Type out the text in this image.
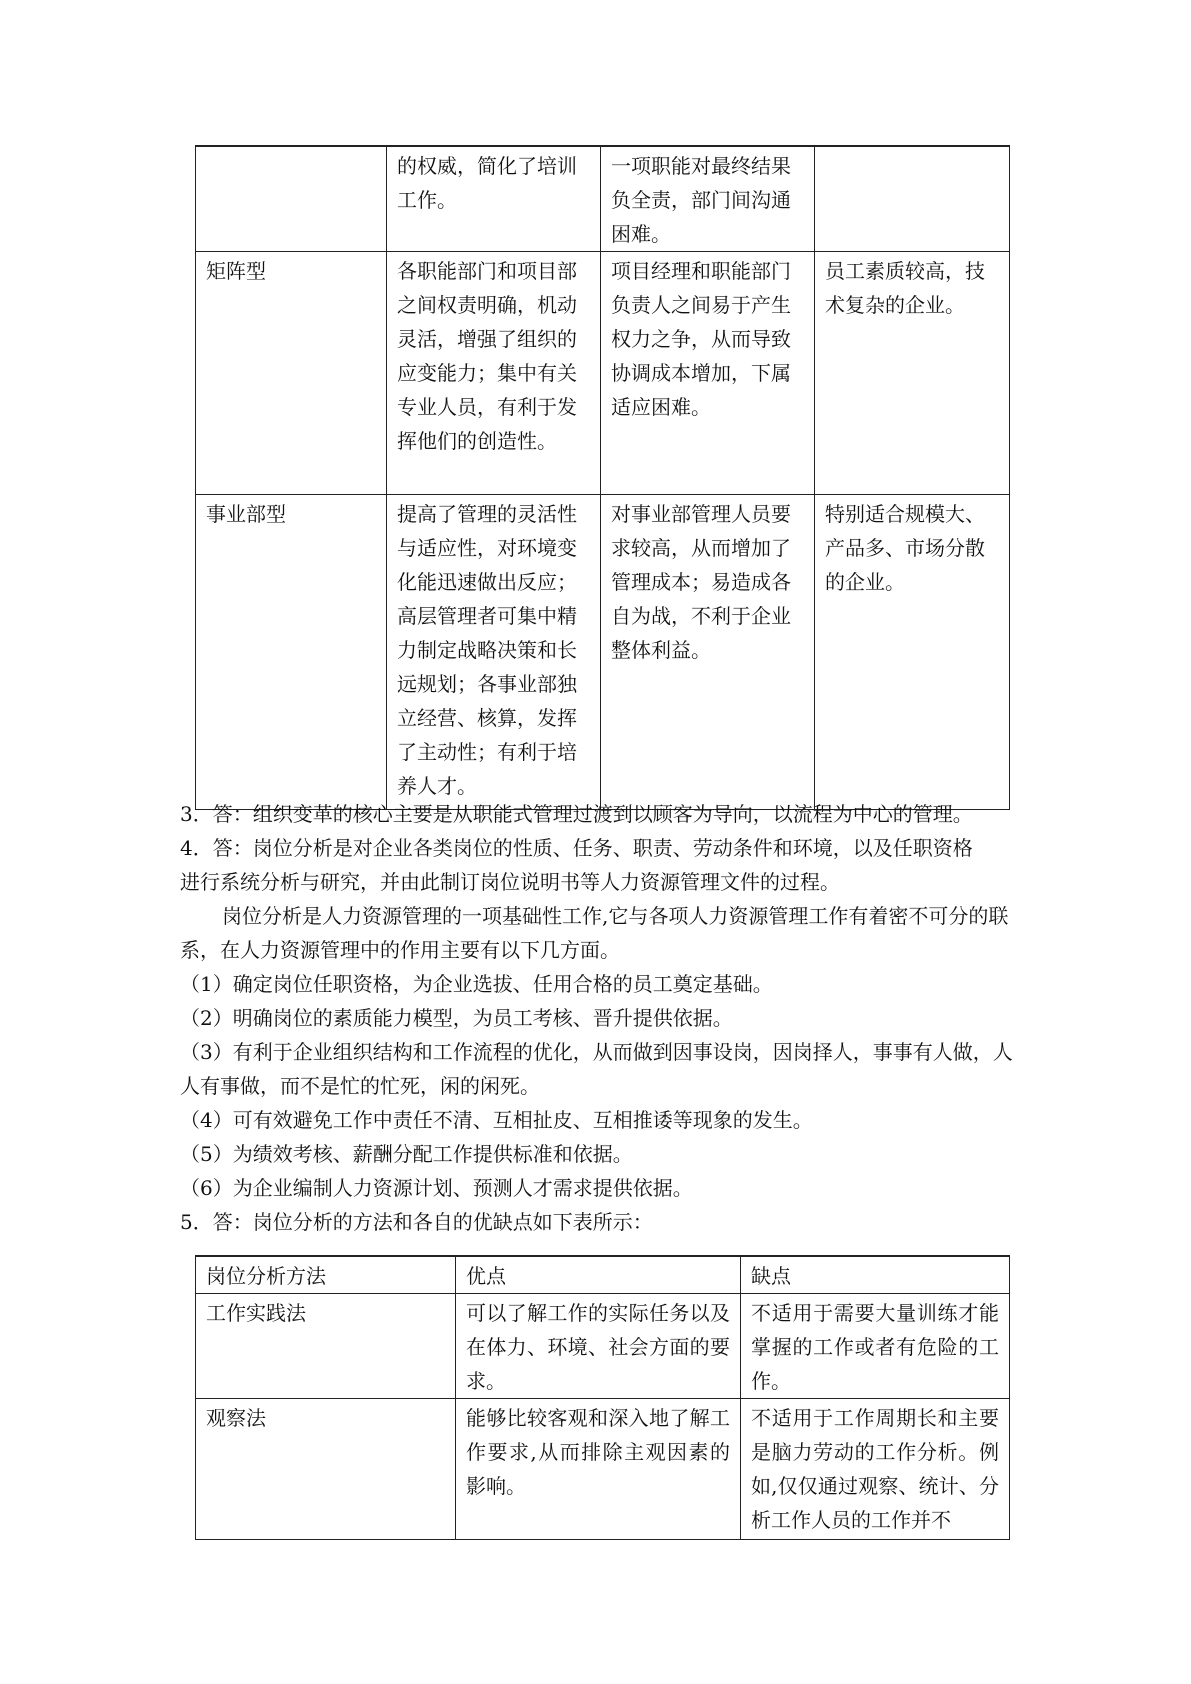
	的权威，简化了培训工作。	一项职能对最终结果负全责，部门间沟通困难。	
矩阵型	各职能部门和项目部之间权责明确，机动灵活，增强了组织的应变能力；集中有关专业人员，有利于发挥他们的创造性。	项目经理和职能部门负责人之间易于产生权力之争，从而导致协调成本增加，下属适应困难。	员工素质较高，技术复杂的企业。
事业部型	提高了管理的灵活性与适应性，对环境变化能迅速做出反应；高层管理者可集中精力制定战略决策和长远规划；各事业部独立经营、核算，发挥了主动性；有利于培养人才。	对事业部管理人员要求较高，从而增加了管理成本；易造成各自为战，不利于企业整体利益。	特别适合规模大、产品多、市场分散的企业。

3．答：组织变革的核心主要是从职能式管理过渡到以顾客为导向，以流程为中心的管理。

4．答：岗位分析是对企业各类岗位的性质、任务、职责、劳动条件和环境，以及任职资格

进行系统分析与研究，并由此制订岗位说明书等人力资源管理文件的过程。

岗位分析是人力资源管理的一项基础性工作,它与各项人力资源管理工作有着密不可分的联系，在人力资源管理中的作用主要有以下几方面。

（1）确定岗位任职资格，为企业选拔、任用合格的员工奠定基础。

（2）明确岗位的素质能力模型，为员工考核、晋升提供依据。

（3）有利于企业组织结构和工作流程的优化，从而做到因事设岗，因岗择人，事事有人做，人人有事做，而不是忙的忙死，闲的闲死。

（4）可有效避免工作中责任不清、互相扯皮、互相推诿等现象的发生。

（5）为绩效考核、薪酬分配工作提供标准和依据。

（6）为企业编制人力资源计划、预测人才需求提供依据。

5．答：岗位分析的方法和各自的优缺点如下表所示：

岗位分析方法	优点	缺点
工作实践法	可以了解工作的实际任务以及在体力、环境、社会方面的要求。	不适用于需要大量训练才能掌握的工作或者有危险的工作。
观察法	能够比较客观和深入地了解工作要求,从而排除主观因素的影响。	不适用于工作周期长和主要是脑力劳动的工作分析。例如,仅仅通过观察、统计、分析工作人员的工作并不
